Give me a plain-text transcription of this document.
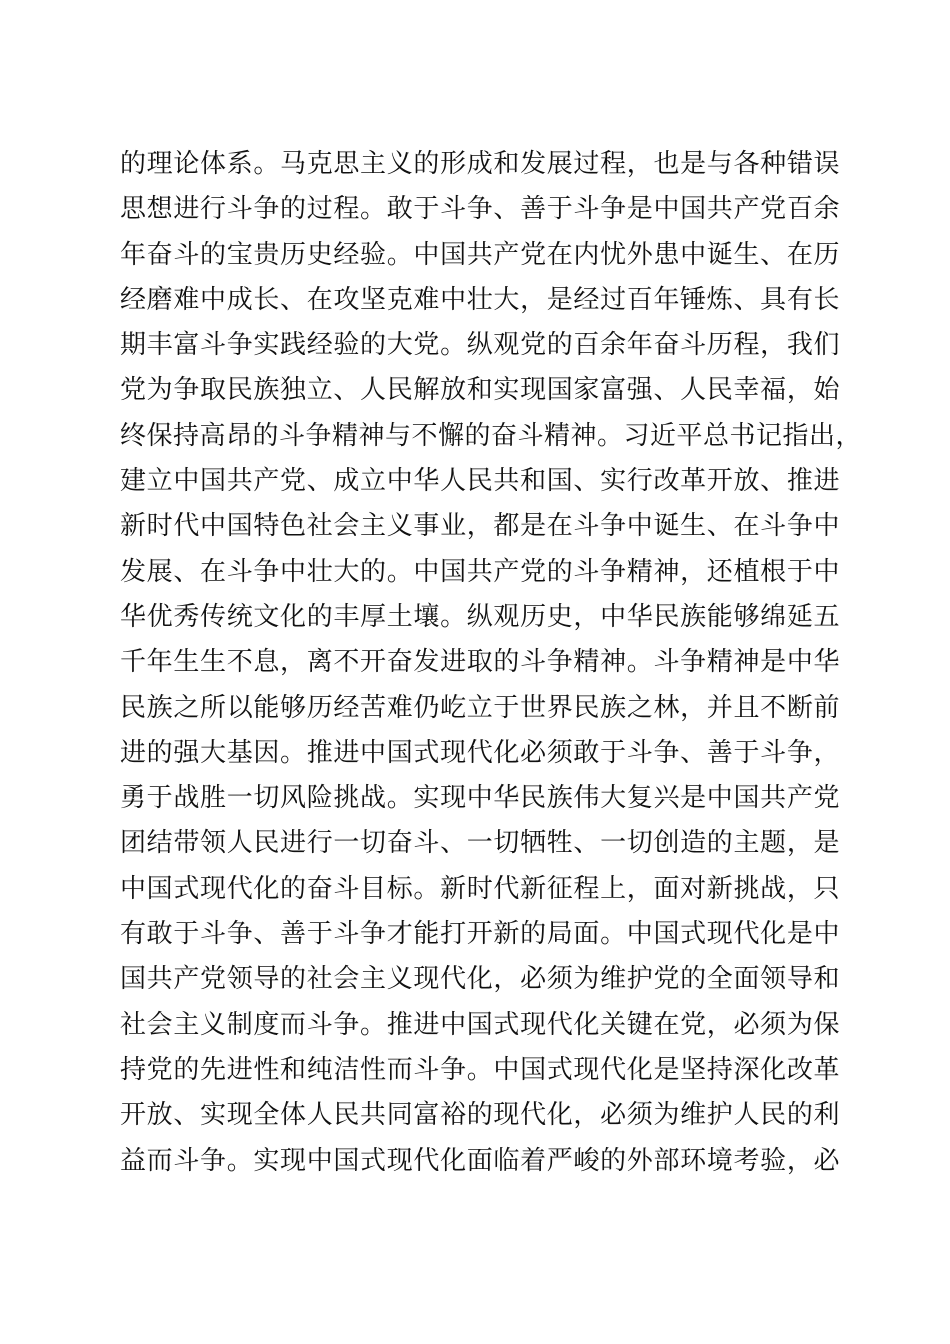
的理论体系。马克思主义的形成和发展过程，也是与各种错误
思想进行斗争的过程。敢于斗争、善于斗争是中国共产党百余
年奋斗的宝贵历史经验。中国共产党在内忧外患中诞生、在历
经磨难中成长、在攻坚克难中壮大，是经过百年锤炼、具有长
期丰富斗争实践经验的大党。纵观党的百余年奋斗历程，我们
党为争取民族独立、人民解放和实现国家富强、人民幸福，始
终保持高昂的斗争精神与不懈的奋斗精神。习近平总书记指出，
建立中国共产党、成立中华人民共和国、实行改革开放、推进
新时代中国特色社会主义事业，都是在斗争中诞生、在斗争中
发展、在斗争中壮大的。中国共产党的斗争精神，还植根于中
华优秀传统文化的丰厚土壤。纵观历史，中华民族能够绵延五
千年生生不息，离不开奋发进取的斗争精神。斗争精神是中华
民族之所以能够历经苦难仍屹立于世界民族之林，并且不断前
进的强大基因。推进中国式现代化必须敢于斗争、善于斗争，
勇于战胜一切风险挑战。实现中华民族伟大复兴是中国共产党
团结带领人民进行一切奋斗、一切牺牲、一切创造的主题，是
中国式现代化的奋斗目标。新时代新征程上，面对新挑战，只
有敢于斗争、善于斗争才能打开新的局面。中国式现代化是中
国共产党领导的社会主义现代化，必须为维护党的全面领导和
社会主义制度而斗争。推进中国式现代化关键在党，必须为保
持党的先进性和纯洁性而斗争。中国式现代化是坚持深化改革
开放、实现全体人民共同富裕的现代化，必须为维护人民的利
益而斗争。实现中国式现代化面临着严峻的外部环境考验，必
